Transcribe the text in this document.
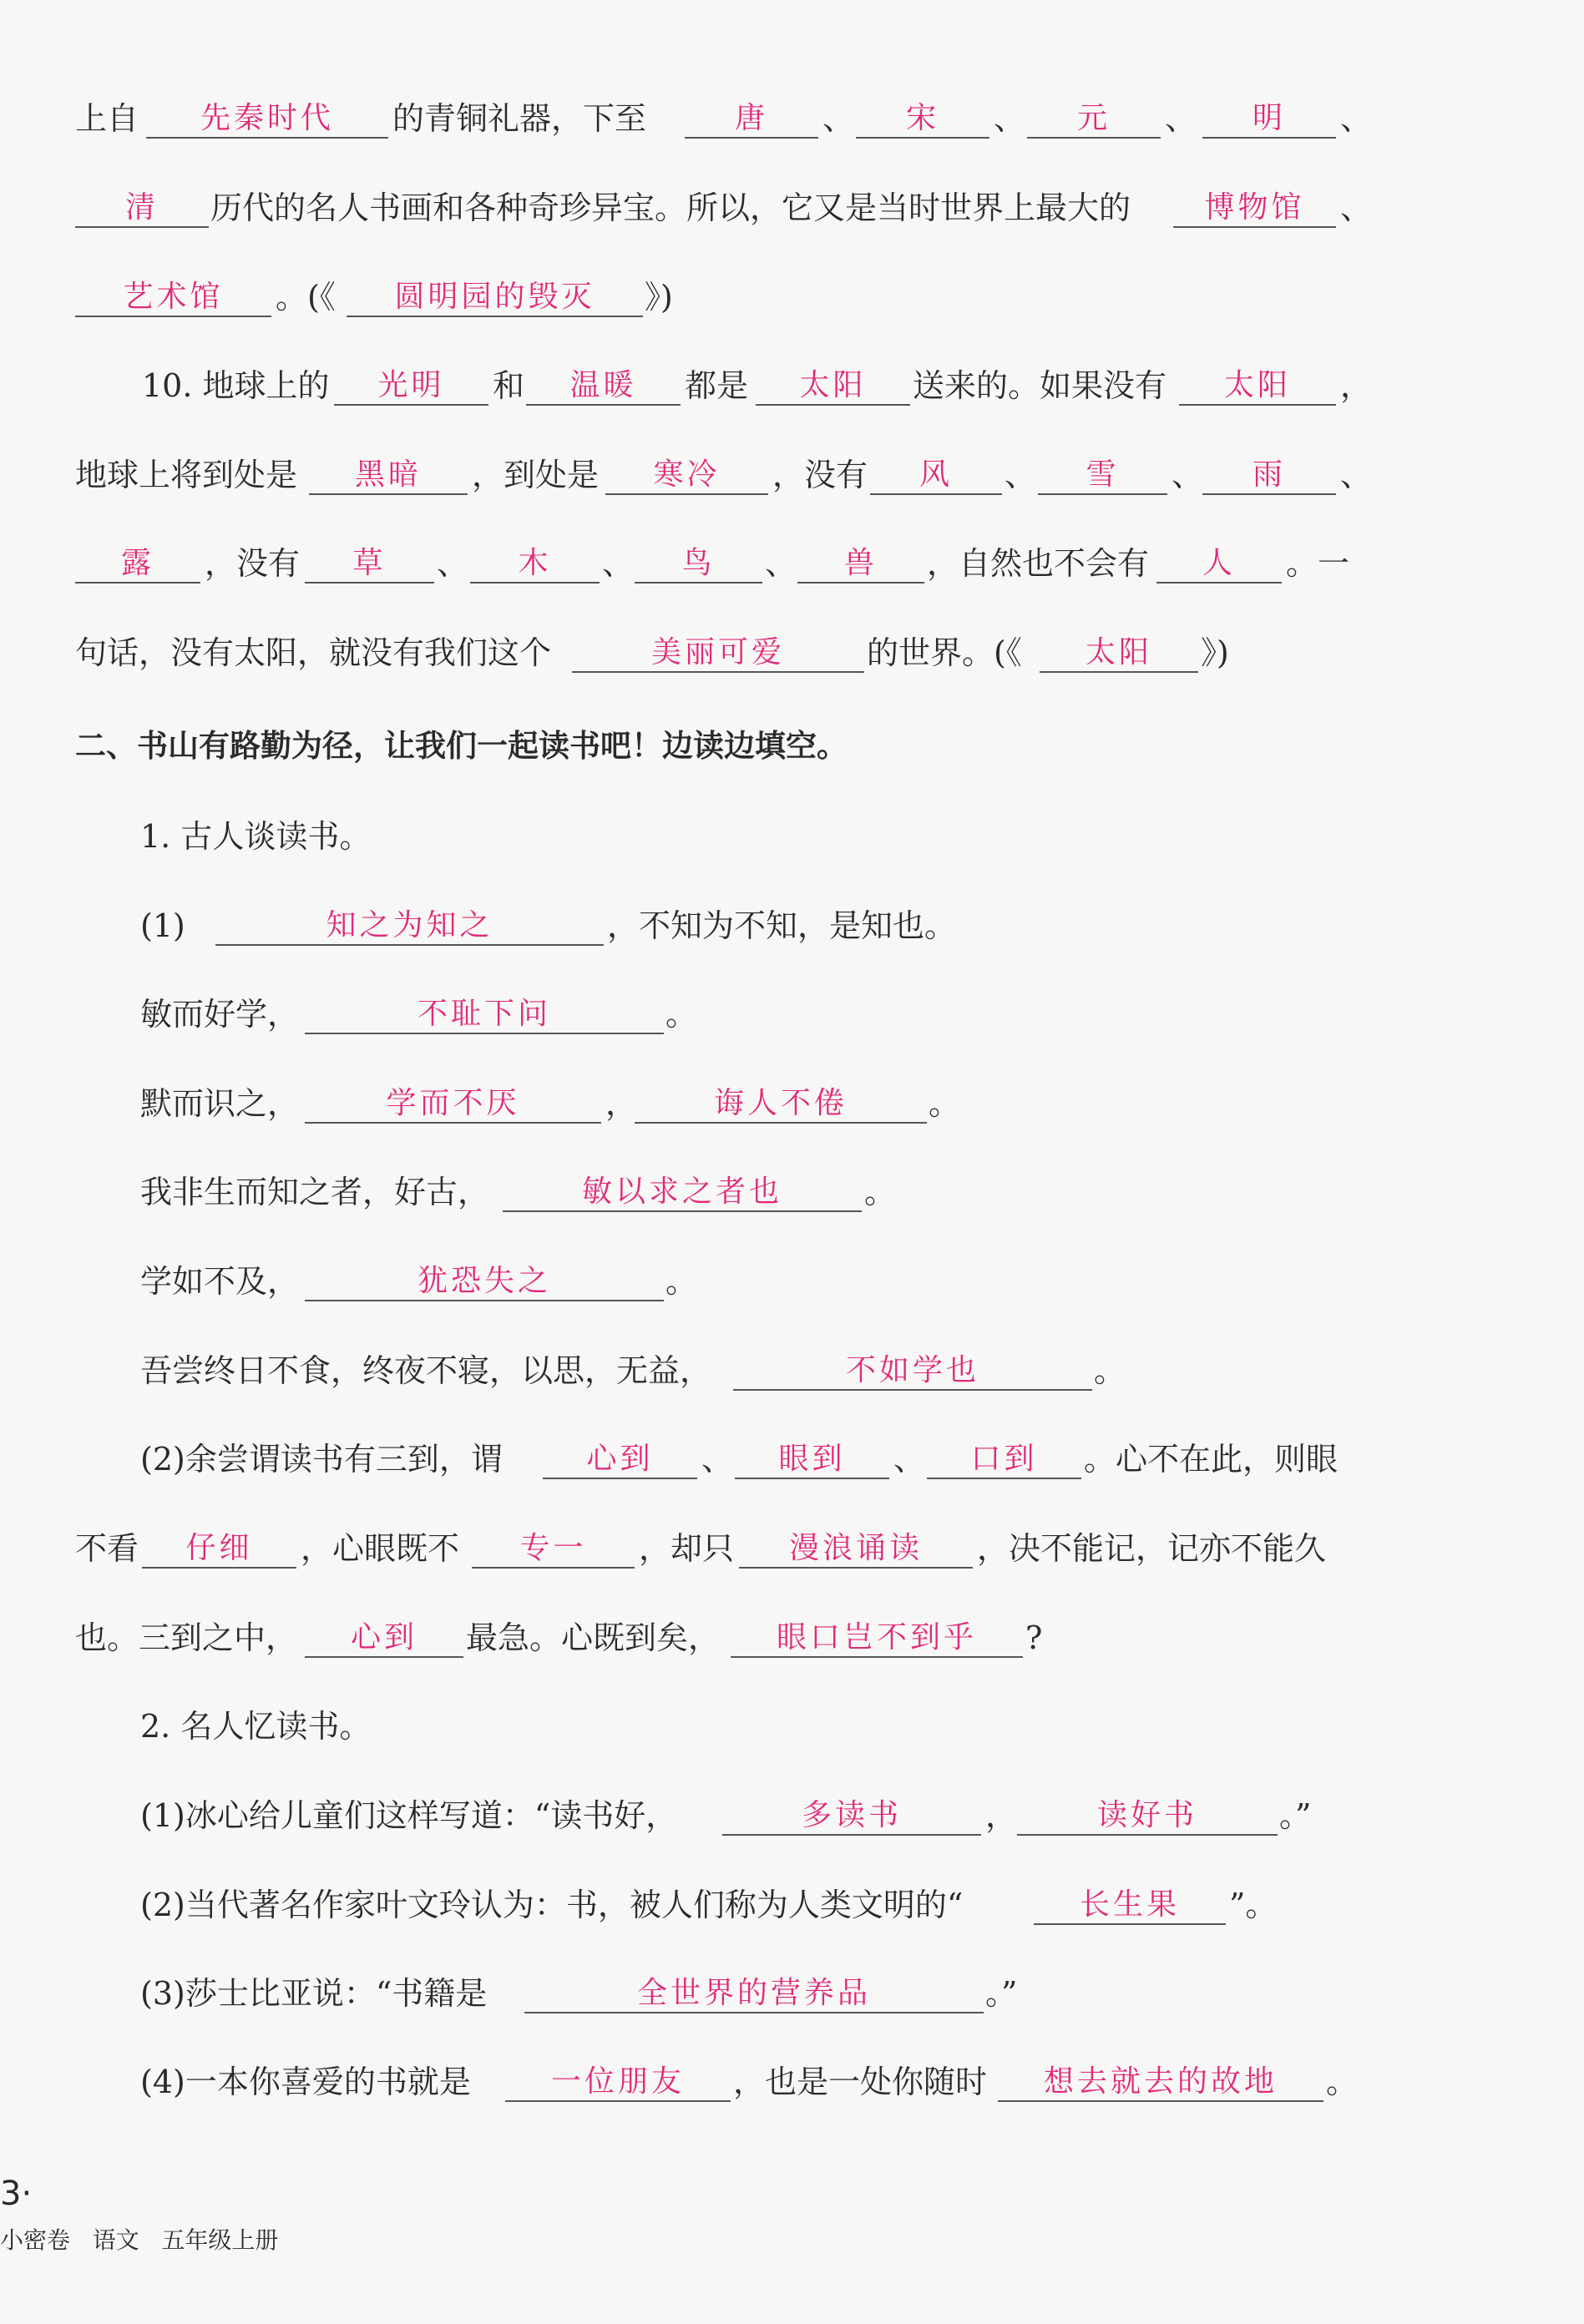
上自	先秦时代	的青铜礼器，下至	唐	、	宋	、	元	、	明	、
清	历代的名人书画和各种奇珍异宝。所以，它又是当时世界上最大的	博物馆	、
艺术馆	。(《	圆明园的毁灭	》)
10. 地球上的	光明	和	温暖	都是	太阳	送来的。如果没有	太阳	，
地球上将到处是	黑暗	，到处是	寒冷	，没有	风	、	雪	、	雨	、
露	，没有	草	、	木	、	鸟	、	兽	，自然也不会有	人	。一
句话，没有太阳，就没有我们这个	美丽可爱	的世界。(《	太阳	》)
二、书山有路勤为径，让我们一起读书吧！边读边填空。
1. 古人谈读书。
(1)	知之为知之	，不知为不知，是知也。
敏而好学，	不耻下问	。
默而识之，	学而不厌	，	诲人不倦	。
我非生而知之者，好古，	敏以求之者也	。
学如不及，	犹恐失之	。
吾尝终日不食，终夜不寝，以思，无益，	不如学也	。
(2)余尝谓读书有三到，谓	心到	、	眼到	、	口到	。心不在此，则眼
不看	仔细	，心眼既不	专一	，却只	漫浪诵读	，决不能记，记亦不能久
也。三到之中，	心到	最急。心既到矣，	眼口岂不到乎	?
2. 名人忆读书。
(1)冰心给儿童们这样写道：“读书好，	多读书	，	读好书	。”
(2)当代著名作家叶文玲认为：书，被人们称为人类文明的“	长生果	”。
(3)莎士比亚说：“书籍是	全世界的营养品	。”
(4)一本你喜爱的书就是	一位朋友	，也是一处你随时	想去就去的故地	。
3·
小密卷   语文   五年级上册
